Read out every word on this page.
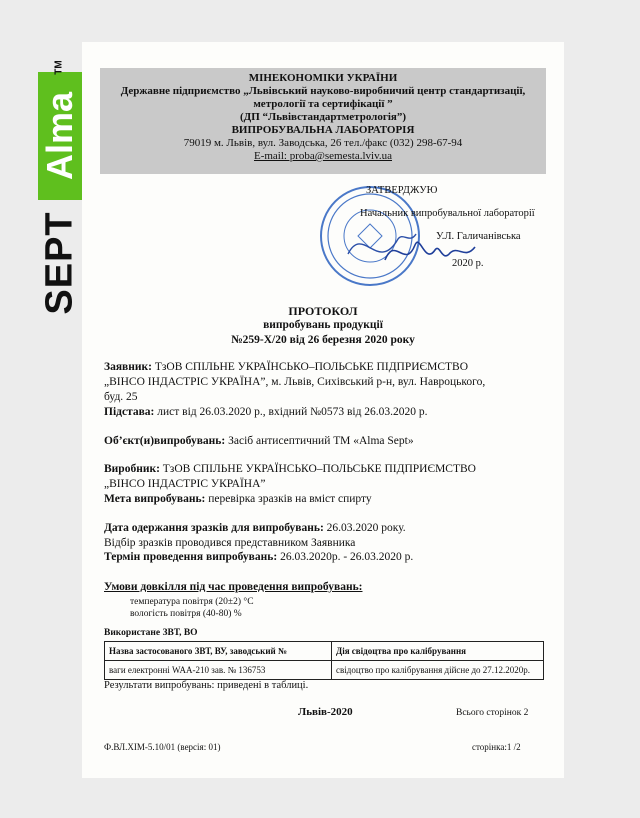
Alma
SEPT
TM
МІНЕКОНОМІКИ УКРАЇНИ
Державне підприємство „Львівський науково-виробничий центр стандартизації,
метрології та сертифікації ”
(ДП “Львівстандартметрологія”)
ВИПРОБУВАЛЬНА ЛАБОРАТОРІЯ
79019 м. Львів, вул. Заводська, 26 тел./факс (032) 298-67-94
E-mail: proba@semesta.lviv.ua
ЗАТВЕРДЖУЮ
Начальник випробувальної лабораторії
У.Л. Галичанівська
2020 р.
ПРОТОКОЛ
випробувань продукції
№259-Х/20 від 26 березня 2020 року
Заявник: ТзОВ СПІЛЬНЕ УКРАЇНСЬКО–ПОЛЬСЬКЕ ПІДПРИЄМСТВО
„ВІНСО ІНДАСТРІС УКРАЇНА”, м. Львів, Сихівський р-н, вул. Навроцького,
буд. 25
Підстава: лист від 26.03.2020 р., вхідний №0573 від 26.03.2020 р.
Об’єкт(и)випробувань: Засіб антисептичний ТМ «Alma Sept»
Виробник: ТзОВ СПІЛЬНЕ УКРАЇНСЬКО–ПОЛЬСЬКЕ ПІДПРИЄМСТВО
„ВІНСО ІНДАСТРІС УКРАЇНА”
Мета випробувань: перевірка зразків на вміст спирту
Дата одержання зразків для випробувань: 26.03.2020 року.
Відбір зразків проводився представником Заявника
Термін проведення випробувань: 26.03.2020р. - 26.03.2020 р.
Умови довкілля під час проведення випробувань:
температура повітря (20±2) °С
вологість повітря (40-80) %
Використане ЗВТ, ВО
Назва застосованого ЗВТ, ВУ, заводський №	Дія свідоцтва про калібрування
ваги електронні WAA-210 зав. № 136753	свідоцтво про калібрування дійсне до 27.12.2020р.
Результати випробувань: приведені в таблиці.
Львів-2020	Всього сторінок 2
Ф.ВЛ.ХІМ-5.10/01 (версія: 01)	сторінка:1 /2
